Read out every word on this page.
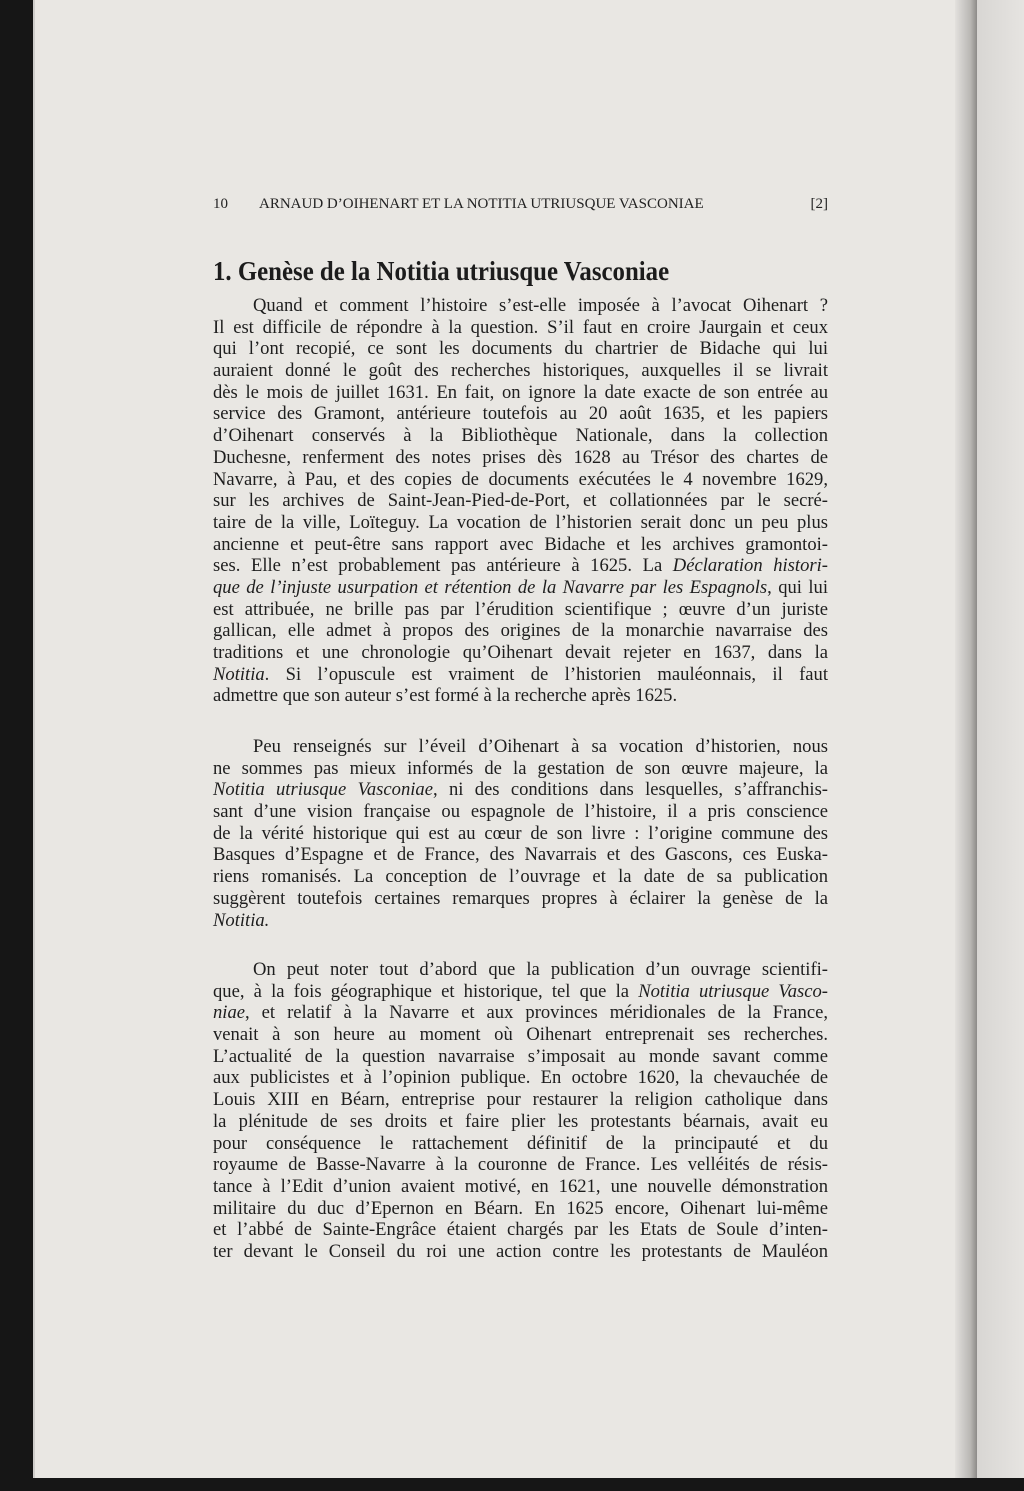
10 ARNAUD D’OIHENART ET LA NOTITIA UTRIUSQUE VASCONIAE	[2]
1. Genèse de la Notitia utriusque Vasconiae
Quand et comment l’histoire s’est-elle imposée à l’avocat Oihenart ?
Il est difficile de répondre à la question. S’il faut en croire Jaurgain et ceux
qui l’ont recopié, ce sont les documents du chartrier de Bidache qui lui
auraient donné le goût des recherches historiques, auxquelles il se livrait
dès le mois de juillet 1631. En fait, on ignore la date exacte de son entrée au
service des Gramont, antérieure toutefois au 20 août 1635, et les papiers
d’Oihenart conservés à la Bibliothèque Nationale, dans la collection
Duchesne, renferment des notes prises dès 1628 au Trésor des chartes de
Navarre, à Pau, et des copies de documents exécutées le 4 novembre 1629,
sur les archives de Saint-Jean-Pied-de-Port, et collationnées par le secré-
taire de la ville, Loïteguy. La vocation de l’historien serait donc un peu plus
ancienne et peut-être sans rapport avec Bidache et les archives gramontoi-
ses. Elle n’est probablement pas antérieure à 1625. La Déclaration histori-
que de l’injuste usurpation et rétention de la Navarre par les Espagnols, qui lui
est attribuée, ne brille pas par l’érudition scientifique ; œuvre d’un juriste
gallican, elle admet à propos des origines de la monarchie navarraise des
traditions et une chronologie qu’Oihenart devait rejeter en 1637, dans la
Notitia. Si l’opuscule est vraiment de l’historien mauléonnais, il faut
admettre que son auteur s’est formé à la recherche après 1625.
Peu renseignés sur l’éveil d’Oihenart à sa vocation d’historien, nous
ne sommes pas mieux informés de la gestation de son œuvre majeure, la
Notitia utriusque Vasconiae, ni des conditions dans lesquelles, s’affranchis-
sant d’une vision française ou espagnole de l’histoire, il a pris conscience
de la vérité historique qui est au cœur de son livre : l’origine commune des
Basques d’Espagne et de France, des Navarrais et des Gascons, ces Euska-
riens romanisés. La conception de l’ouvrage et la date de sa publication
suggèrent toutefois certaines remarques propres à éclairer la genèse de la
Notitia.
On peut noter tout d’abord que la publication d’un ouvrage scientifi-
que, à la fois géographique et historique, tel que la Notitia utriusque Vasco-
niae, et relatif à la Navarre et aux provinces méridionales de la France,
venait à son heure au moment où Oihenart entreprenait ses recherches.
L’actualité de la question navarraise s’imposait au monde savant comme
aux publicistes et à l’opinion publique. En octobre 1620, la chevauchée de
Louis XIII en Béarn, entreprise pour restaurer la religion catholique dans
la plénitude de ses droits et faire plier les protestants béarnais, avait eu
pour conséquence le rattachement définitif de la principauté et du
royaume de Basse-Navarre à la couronne de France. Les velléités de résis-
tance à l’Edit d’union avaient motivé, en 1621, une nouvelle démonstration
militaire du duc d’Epernon en Béarn. En 1625 encore, Oihenart lui-même
et l’abbé de Sainte-Engrâce étaient chargés par les Etats de Soule d’inten-
ter devant le Conseil du roi une action contre les protestants de Mauléon
